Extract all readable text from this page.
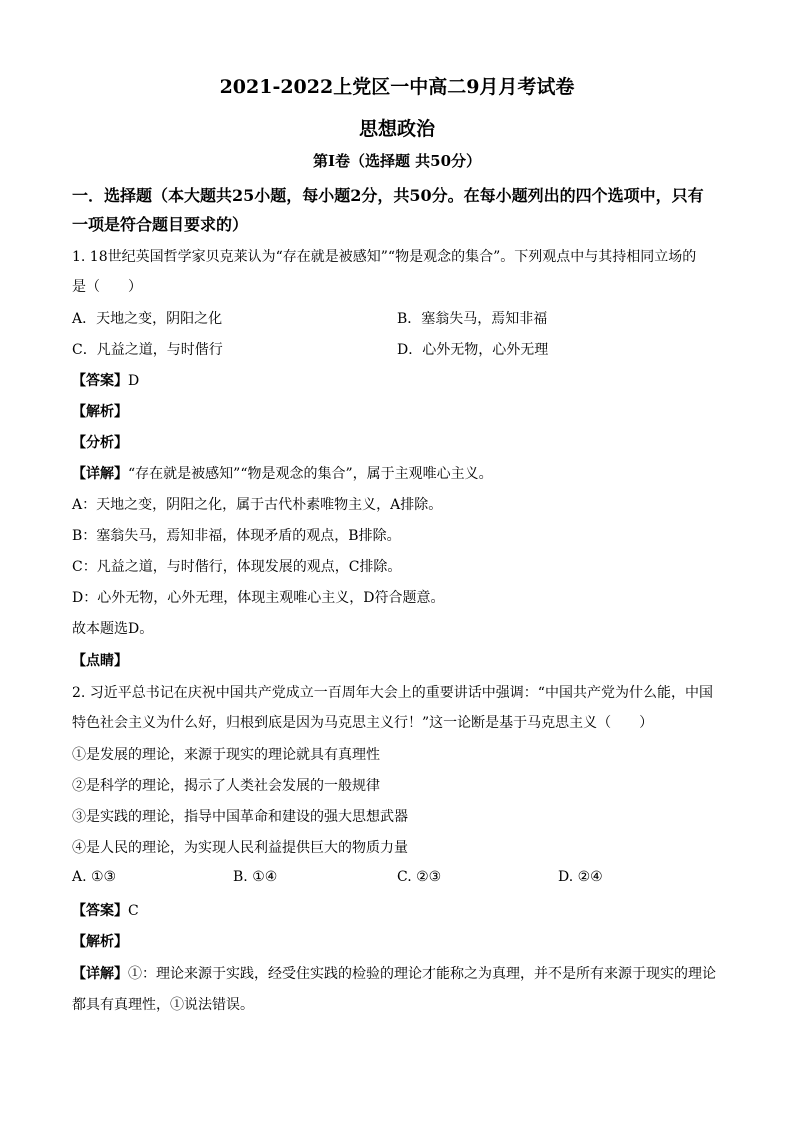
2021-2022上党区一中高二9月月考试卷
思想政治
第I卷（选择题 共50分）
一．选择题（本大题共25小题，每小题2分，共50分。在每小题列出的四个选项中，只有
一项是符合题目要求的）
1. 18世纪英国哲学家贝克莱认为“存在就是被感知”“物是观念的集合”。下列观点中与其持相同立场的
是（　　）
A．天地之变，阴阳之化	B．塞翁失马，焉知非福
C．凡益之道，与时偕行	D．心外无物，心外无理
【答案】D
【解析】
【分析】
【详解】“存在就是被感知”“物是观念的集合”，属于主观唯心主义。
A：天地之变，阴阳之化，属于古代朴素唯物主义，A排除。
B：塞翁失马，焉知非福，体现矛盾的观点，B排除。
C：凡益之道，与时偕行，体现发展的观点，C排除。
D：心外无物，心外无理，体现主观唯心主义，D符合题意。
故本题选D。
【点睛】
2. 习近平总书记在庆祝中国共产党成立一百周年大会上的重要讲话中强调：“中国共产党为什么能，中国
特色社会主义为什么好，归根到底是因为马克思主义行！”这一论断是基于马克思主义（　　）
①是发展的理论，来源于现实的理论就具有真理性
②是科学的理论，揭示了人类社会发展的一般规律
③是实践的理论，指导中国革命和建设的强大思想武器
④是人民的理论，为实现人民利益提供巨大的物质力量
A. ①③	B. ①④	C. ②③	D. ②④
【答案】C
【解析】
【详解】①：理论来源于实践，经受住实践的检验的理论才能称之为真理，并不是所有来源于现实的理论
都具有真理性，①说法错误。
